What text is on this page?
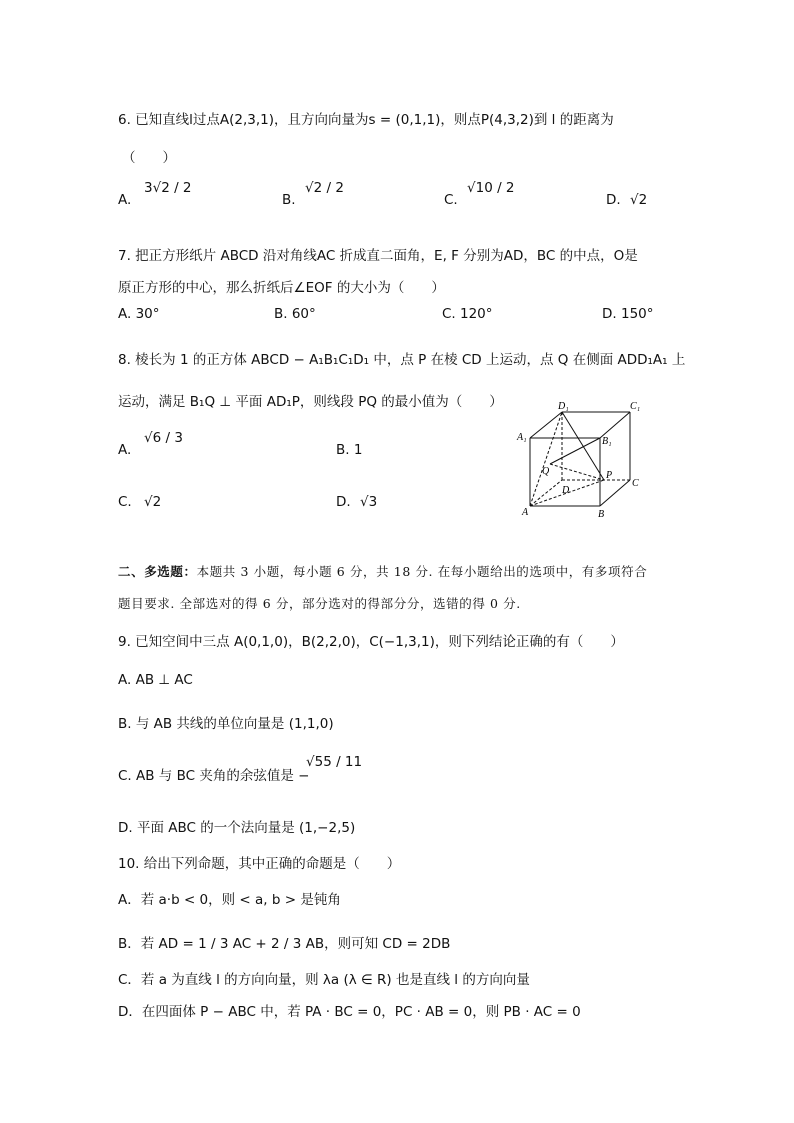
6. 已知直线l过点A(2,3,1)，且方向向量为s = (0,1,1)，则点P(4,3,2)到 l 的距离为
（　　）
A.
3√2 / 2
B.
√2 / 2
C.
√10 / 2
D. √2
7. 把正方形纸片 ABCD 沿对角线AC 折成直二面角，E, F 分别为AD，BC 的中点，O是
原正方形的中心，那么折纸后∠EOF 的大小为（　　）
A. 30°	B. 60°	C. 120°	D. 150°
8. 棱长为 1 的正方体 ABCD − A₁B₁C₁D₁ 中，点 P 在棱 CD 上运动，点 Q 在侧面 ADD₁A₁ 上
运动，满足 B₁Q ⊥ 平面 AD₁P，则线段 PQ 的最小值为（　　）
A.
√6 / 3
B. 1
C. √2	D. √3
D₁	C₁
A₁	B₁
Q	P
C
D
A	B
二、多选题：本题共 3 小题，每小题 6 分，共 18 分. 在每小题给出的选项中，有多项符合
题目要求. 全部选对的得 6 分，部分选对的得部分分，选错的得 0 分.
9. 已知空间中三点 A(0,1,0)，B(2,2,0)，C(−1,3,1)，则下列结论正确的有（　　）
A. AB ⊥ AC
B. 与 AB 共线的单位向量是 (1,1,0)
C. AB 与 BC 夹角的余弦值是 −
√55 / 11
D. 平面 ABC 的一个法向量是 (1,−2,5)
10. 给出下列命题，其中正确的命题是（　　）
A．若 a·b < 0，则 < a, b > 是钝角
B．若 AD = 1 / 3 AC + 2 / 3 AB，则可知 CD = 2DB
C．若 a 为直线 l 的方向向量，则 λa (λ ∈ R) 也是直线 l 的方向向量
D．在四面体 P − ABC 中，若 PA · BC = 0，PC · AB = 0，则 PB · AC = 0
